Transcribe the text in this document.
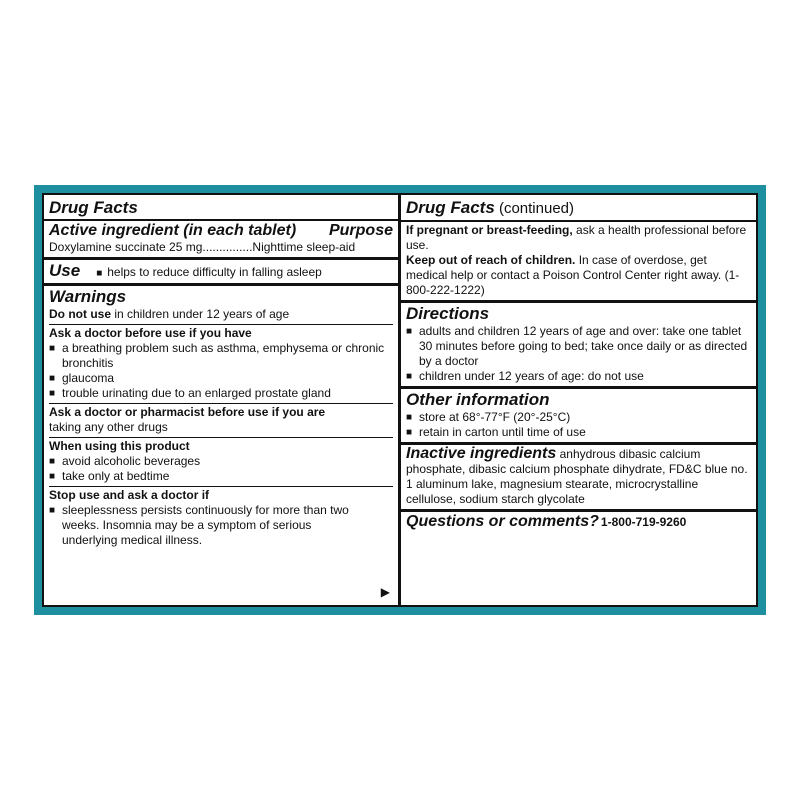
Drug Facts
Active ingredient (in each tablet) Purpose
Doxylamine succinate 25 mg...............Nighttime sleep-aid
Use ■ helps to reduce difficulty in falling asleep
Warnings
Do not use in children under 12 years of age
Ask a doctor before use if you have
■ a breathing problem such as asthma, emphysema or chronic bronchitis
■ glaucoma
■ trouble urinating due to an enlarged prostate gland
Ask a doctor or pharmacist before use if you are
taking any other drugs
When using this product
■ avoid alcoholic beverages
■ take only at bedtime
Stop use and ask a doctor if
■ sleeplessness persists continuously for more than two weeks. Insomnia may be a symptom of serious underlying medical illness.
▶
Drug Facts (continued)
If pregnant or breast-feeding, ask a health professional before use.
Keep out of reach of children. In case of overdose, get medical help or contact a Poison Control Center right away. (1-800-222-1222)
Directions
■ adults and children 12 years of age and over: take one tablet 30 minutes before going to bed; take once daily or as directed by a doctor
■ children under 12 years of age: do not use
Other information
■ store at 68°-77°F (20°-25°C)
■ retain in carton until time of use
Inactive ingredients anhydrous dibasic calcium phosphate, dibasic calcium phosphate dihydrate, FD&C blue no. 1 aluminum lake, magnesium stearate, microcrystalline cellulose, sodium starch glycolate
Questions or comments? 1-800-719-9260
